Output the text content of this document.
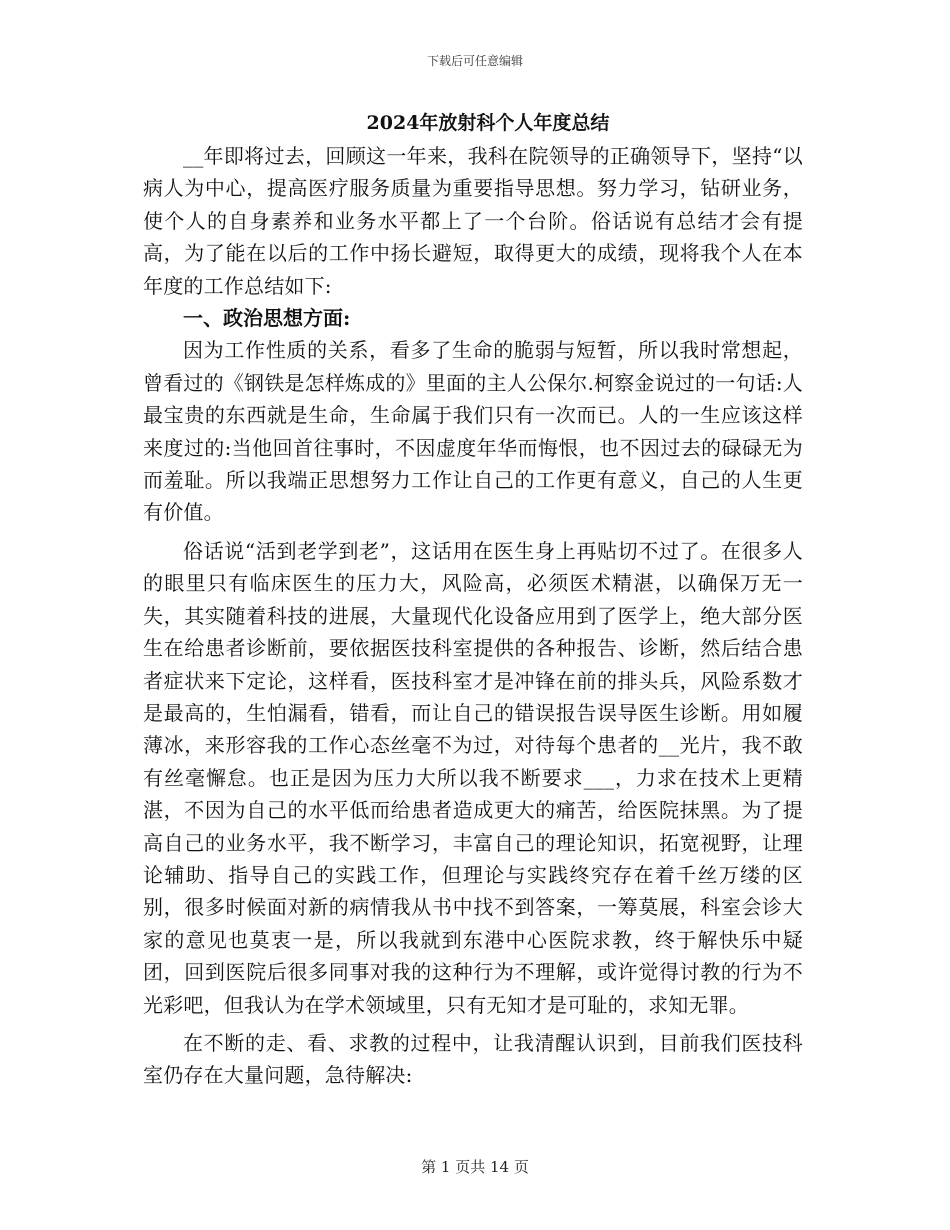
下载后可任意编辑
2024年放射科个人年度总结

__年即将过去，回顾这一年来，我科在院领导的正确领导下，坚持“以病人为中心，提高医疗服务质量为重要指导思想。努力学习，钻研业务，使个人的自身素养和业务水平都上了一个台阶。俗话说有总结才会有提高，为了能在以后的工作中扬长避短，取得更大的成绩，现将我个人在本年度的工作总结如下:

一、政治思想方面:

因为工作性质的关系，看多了生命的脆弱与短暂，所以我时常想起，曾看过的《钢铁是怎样炼成的》里面的主人公保尔.柯察金说过的一句话:人最宝贵的东西就是生命，生命属于我们只有一次而已。人的一生应该这样来度过的:当他回首往事时，不因虚度年华而悔恨，也不因过去的碌碌无为而羞耻。所以我端正思想努力工作让自己的工作更有意义，自己的人生更有价值。

俗话说“活到老学到老”，这话用在医生身上再贴切不过了。在很多人的眼里只有临床医生的压力大，风险高，必须医术精湛，以确保万无一失，其实随着科技的进展，大量现代化设备应用到了医学上，绝大部分医生在给患者诊断前，要依据医技科室提供的各种报告、诊断，然后结合患者症状来下定论，这样看，医技科室才是冲锋在前的排头兵，风险系数才是最高的，生怕漏看，错看，而让自己的错误报告误导医生诊断。用如履薄冰，来形容我的工作心态丝毫不为过，对待每个患者的__光片，我不敢有丝毫懈怠。也正是因为压力大所以我不断要求___，力求在技术上更精湛，不因为自己的水平低而给患者造成更大的痛苦，给医院抹黑。为了提高自己的业务水平，我不断学习，丰富自己的理论知识，拓宽视野，让理论辅助、指导自己的实践工作，但理论与实践终究存在着千丝万缕的区别，很多时候面对新的病情我从书中找不到答案，一筹莫展，科室会诊大家的意见也莫衷一是，所以我就到东港中心医院求教，终于解快乐中疑团，回到医院后很多同事对我的这种行为不理解，或许觉得讨教的行为不光彩吧，但我认为在学术领域里，只有无知才是可耻的，求知无罪。

在不断的走、看、求教的过程中，让我清醒认识到，目前我们医技科室仍存在大量问题，急待解决:

第 1 页共 14 页
